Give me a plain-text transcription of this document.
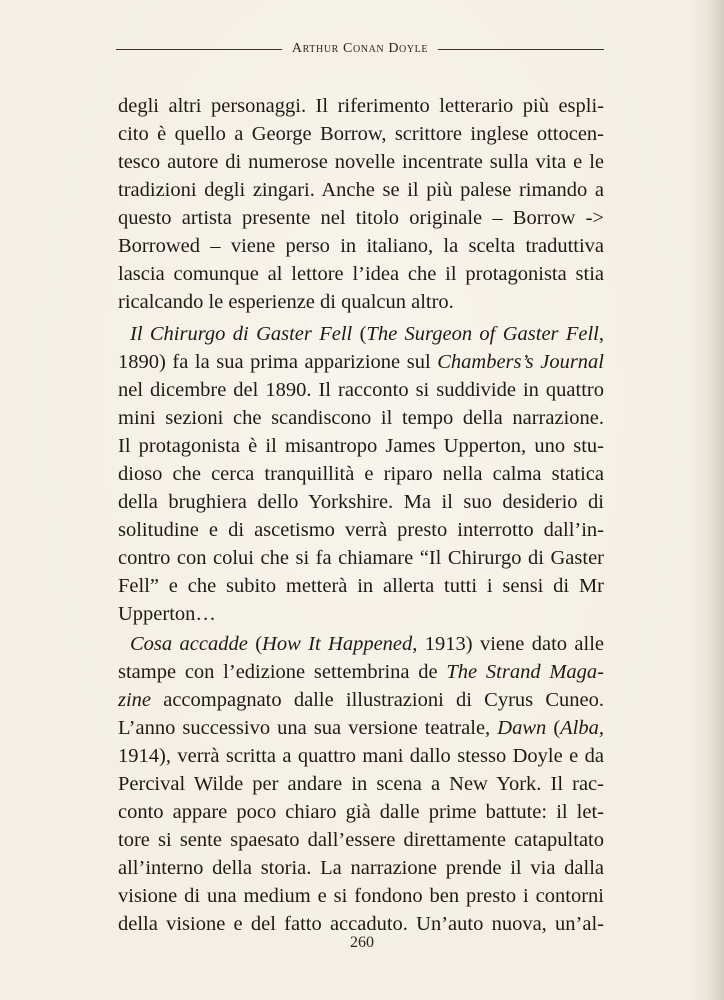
Arthur Conan Doyle
degli altri personaggi. Il riferimento letterario più espli-
cito è quello a George Borrow, scrittore inglese ottocen-
tesco autore di numerose novelle incentrate sulla vita e le
tradizioni degli zingari. Anche se il più palese rimando a
questo artista presente nel titolo originale – Borrow ->
Borrowed – viene perso in italiano, la scelta traduttiva
lascia comunque al lettore l’idea che il protagonista stia
ricalcando le esperienze di qualcun altro.
Il Chirurgo di Gaster Fell (The Surgeon of Gaster Fell,
1890) fa la sua prima apparizione sul Chambers’s Journal
nel dicembre del 1890. Il racconto si suddivide in quattro
mini sezioni che scandiscono il tempo della narrazione.
Il protagonista è il misantropo James Upperton, uno stu-
dioso che cerca tranquillità e riparo nella calma statica
della brughiera dello Yorkshire. Ma il suo desiderio di
solitudine e di ascetismo verrà presto interrotto dall’in-
contro con colui che si fa chiamare “Il Chirurgo di Gaster
Fell” e che subito metterà in allerta tutti i sensi di Mr
Upperton…
Cosa accadde (How It Happened, 1913) viene dato alle
stampe con l’edizione settembrina de The Strand Maga-
zine accompagnato dalle illustrazioni di Cyrus Cuneo.
L’anno successivo una sua versione teatrale, Dawn (Alba,
1914), verrà scritta a quattro mani dallo stesso Doyle e da
Percival Wilde per andare in scena a New York. Il rac-
conto appare poco chiaro già dalle prime battute: il let-
tore si sente spaesato dall’essere direttamente catapultato
all’interno della storia. La narrazione prende il via dalla
visione di una medium e si fondono ben presto i contorni
della visione e del fatto accaduto. Un’auto nuova, un’al-
260
